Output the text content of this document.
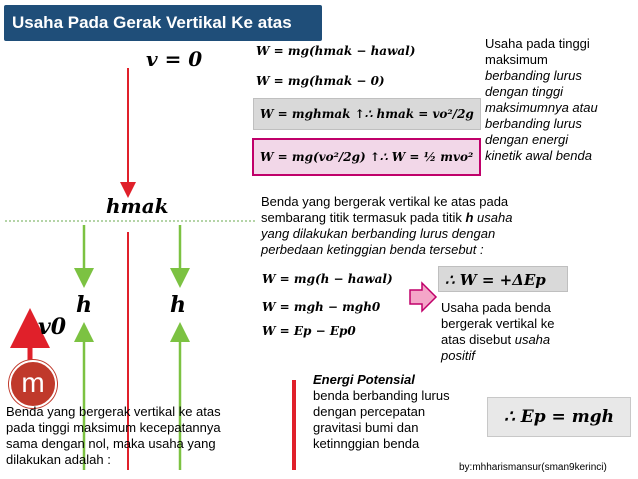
Usaha Pada Gerak Vertikal Ke atas
v = 0
hmak
h	h
v0
m
W = mg(hmak − hawal)
W = mg(hmak − 0)
W = mghmak ↑∴ hmak = vo²/2g
W = mg(vo²/2g) ↑∴ W = ½ mvo²
Usaha pada tinggi
maksimum
berbanding lurus
dengan tinggi
maksimumnya atau
berbanding lurus
dengan energi
kinetik awal benda
Benda yang bergerak vertikal ke atas pada
sembarang titik termasuk pada titik h usaha
yang dilakukan berbanding lurus dengan
perbedaan ketinggian benda tersebut :
W = mg(h − hawal)
W = mgh − mgh0
W = Ep − Ep0
∴ W = +ΔEp
Usaha pada benda
bergerak vertikal ke
atas disebut usaha
positif
Benda yang bergerak vertikal ke atas
pada tinggi maksimum kecepatannya
sama dengan nol, maka usaha yang
dilakukan adalah :
Energi Potensial
benda berbanding lurus
dengan percepatan
gravitasi bumi dan
ketinnggian benda
∴ Ep = mgh
by:mhharismansur(sman9kerinci)
